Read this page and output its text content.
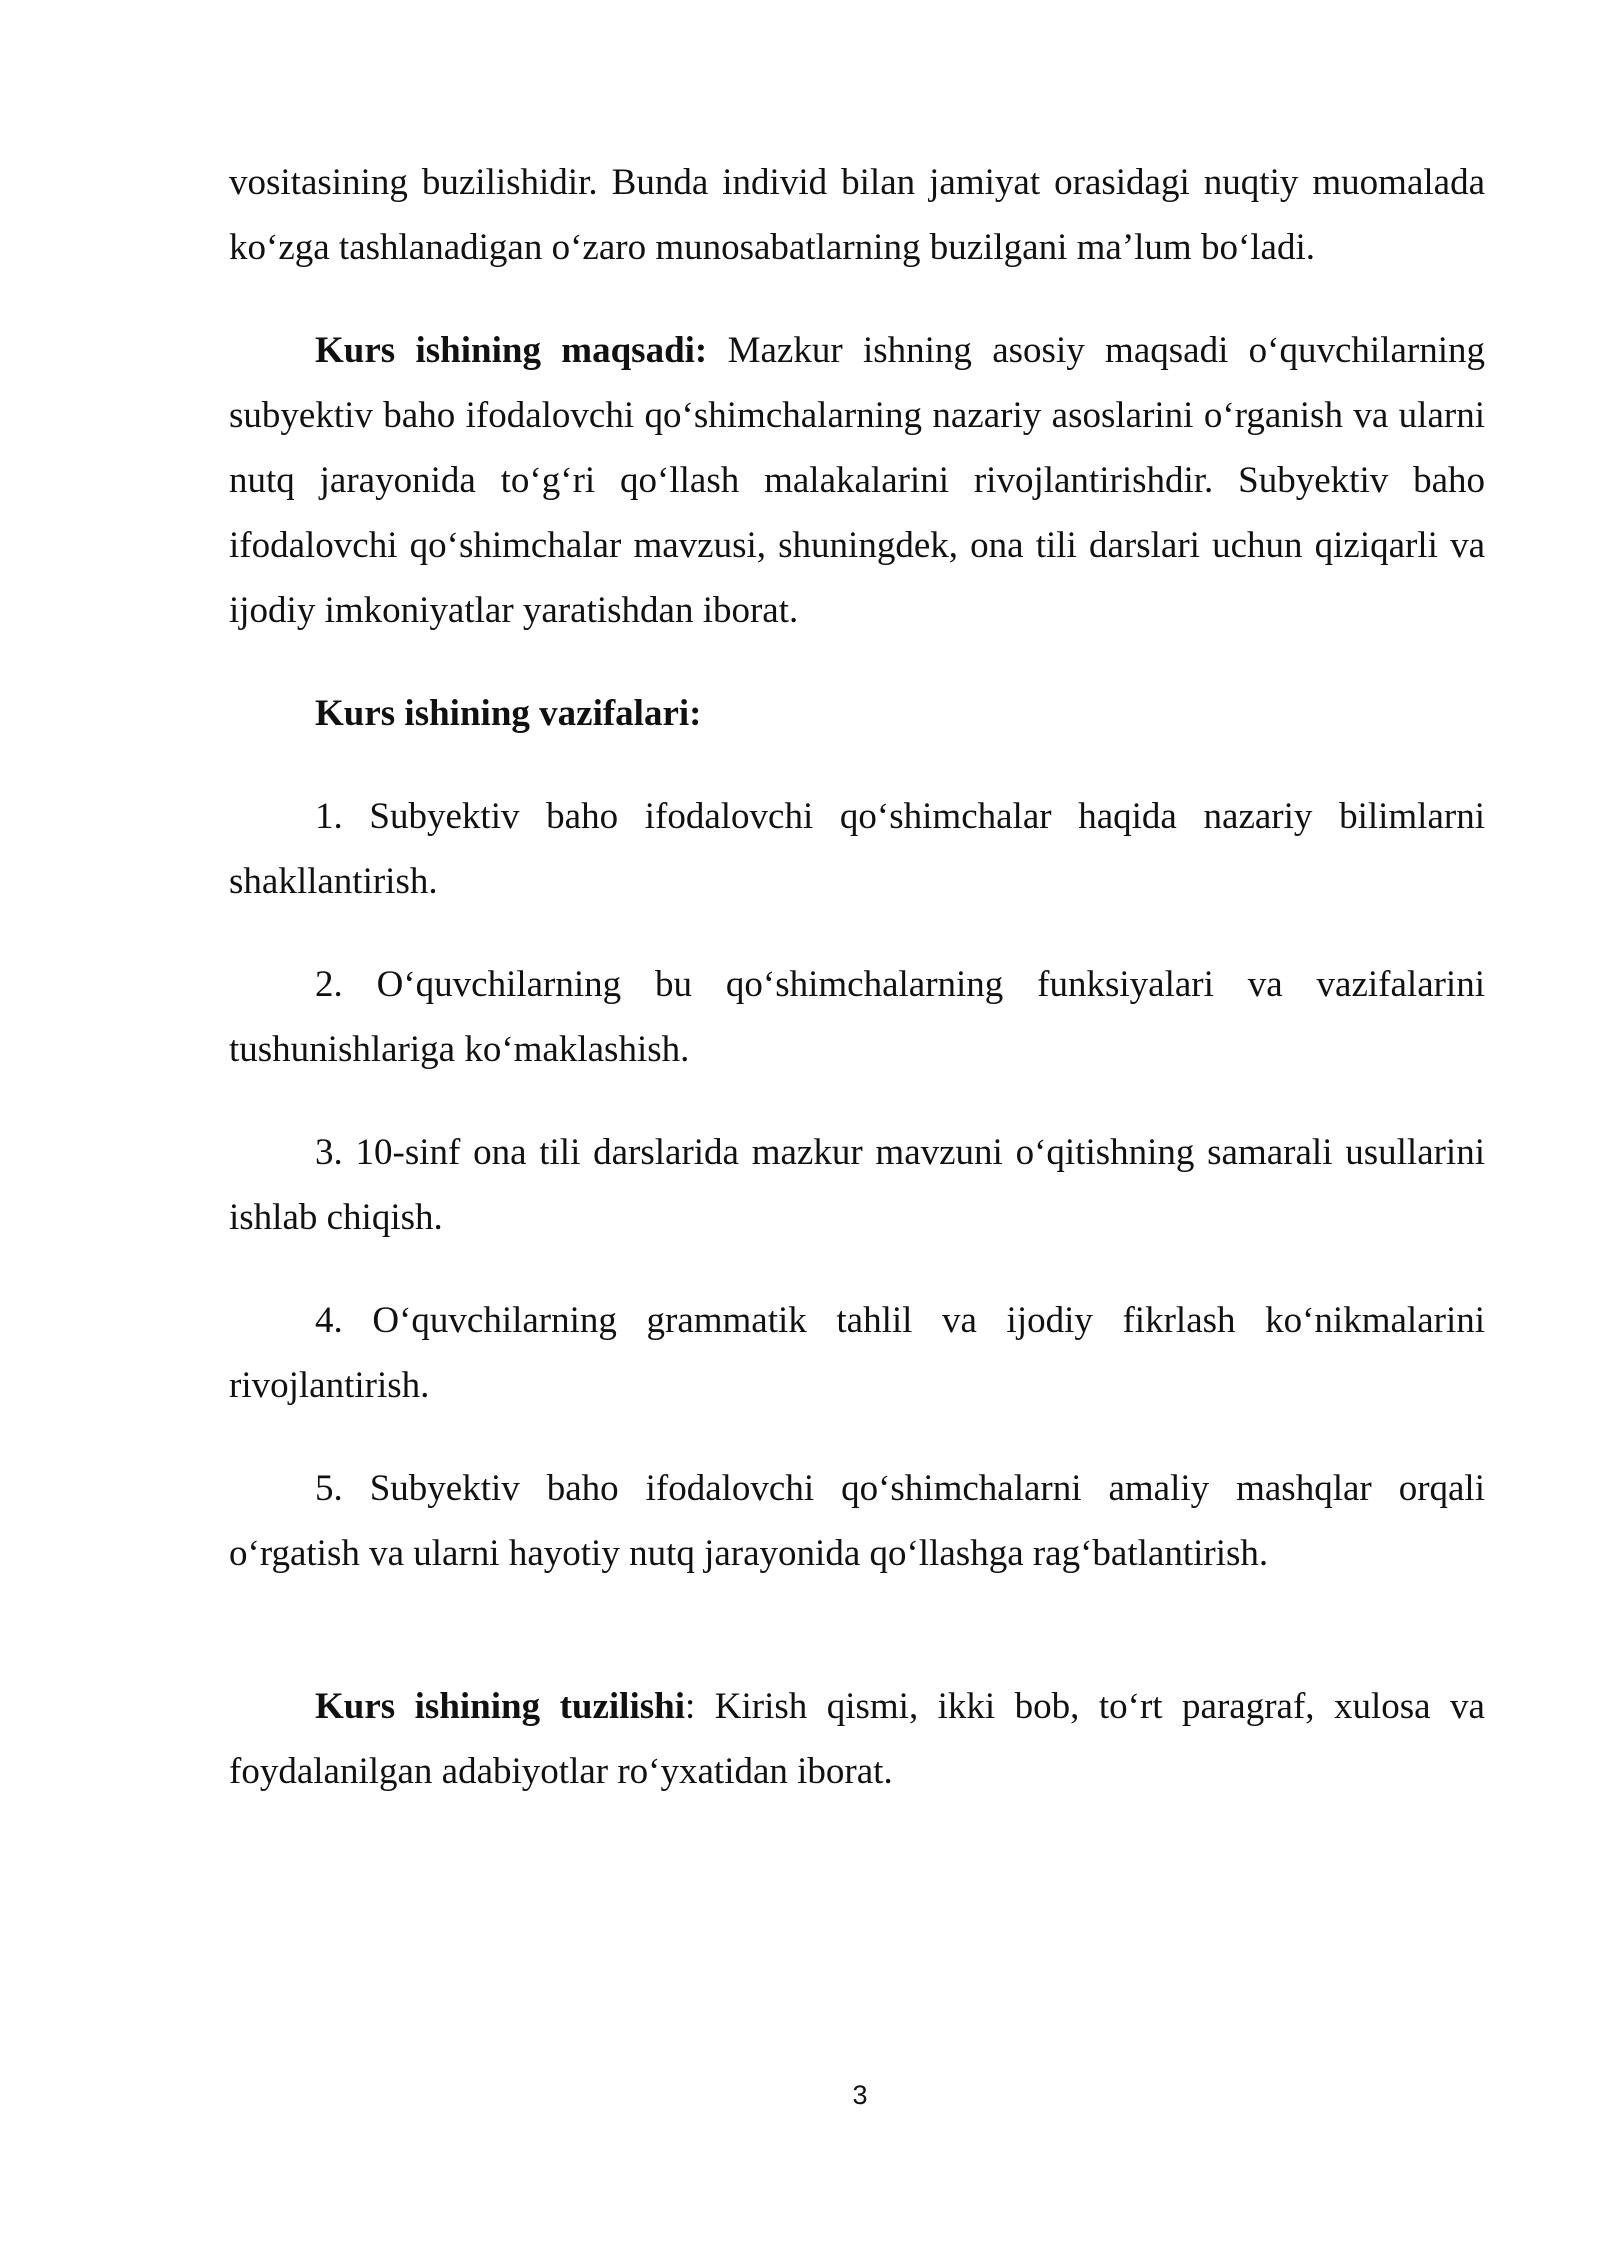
vositasining buzilishidir. Bunda individ bilan jamiyat orasidagi nuqtiy muomalada ko‘zga tashlanadigan o‘zaro munosabatlarning buzilgani ma’lum bo‘ladi.

Kurs ishining maqsadi: Mazkur ishning asosiy maqsadi o‘quvchilarning subyektiv baho ifodalovchi qo‘shimchalarning nazariy asoslarini o‘rganish va ularni nutq jarayonida to‘g‘ri qo‘llash malakalarini rivojlantirishdir. Subyektiv baho ifodalovchi qo‘shimchalar mavzusi, shuningdek, ona tili darslari uchun qiziqarli va ijodiy imkoniyatlar yaratishdan iborat.

Kurs ishining vazifalari:

1. Subyektiv baho ifodalovchi qo‘shimchalar haqida nazariy bilimlarni shakllantirish.

2. O‘quvchilarning bu qo‘shimchalarning funksiyalari va vazifalarini tushunishlariga ko‘maklashish.

3. 10-sinf ona tili darslarida mazkur mavzuni o‘qitishning samarali usullarini ishlab chiqish.

4. O‘quvchilarning grammatik tahlil va ijodiy fikrlash ko‘nikmalarini rivojlantirish.

5. Subyektiv baho ifodalovchi qo‘shimchalarni amaliy mashqlar orqali o‘rgatish va ularni hayotiy nutq jarayonida qo‘llashga rag‘batlantirish.

Kurs ishining tuzilishi: Kirish qismi, ikki bob, to‘rt paragraf, xulosa va foydalanilgan adabiyotlar ro‘yxatidan iborat.

3
